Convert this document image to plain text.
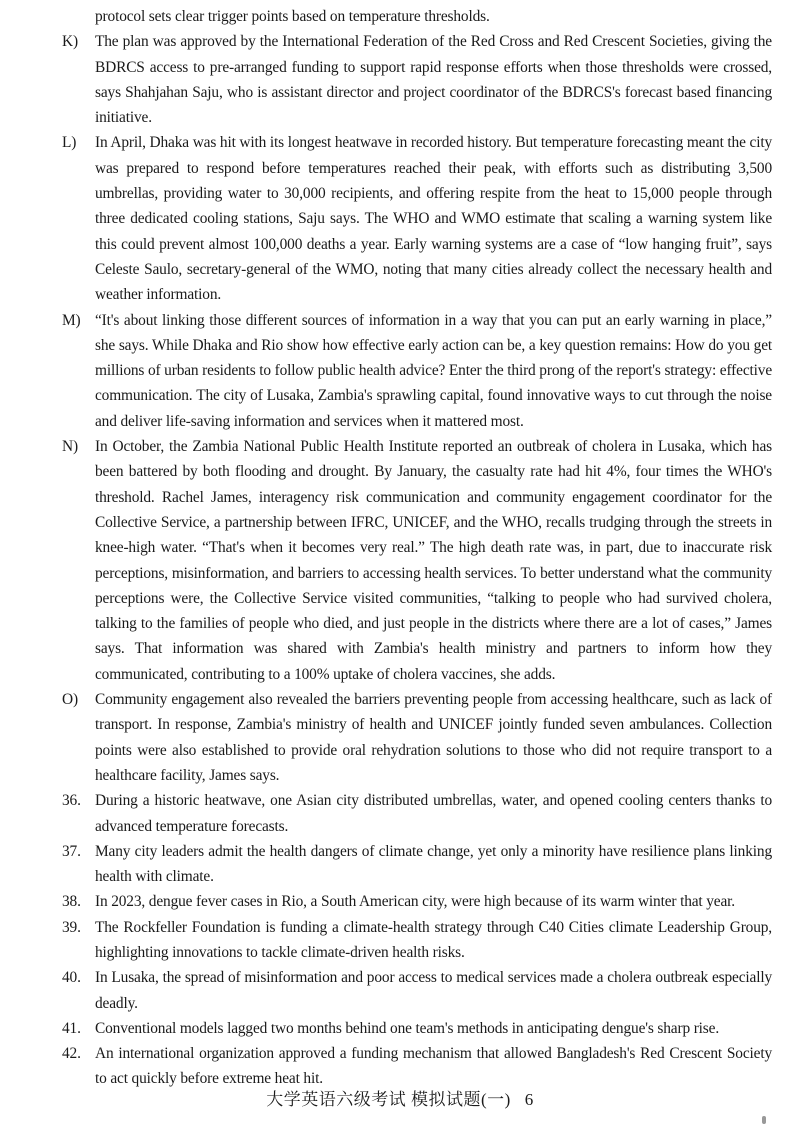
protocol sets clear trigger points based on temperature thresholds.
K) The plan was approved by the International Federation of the Red Cross and Red Crescent Societies, giving the BDRCS access to pre-arranged funding to support rapid response efforts when those thresholds were crossed, says Shahjahan Saju, who is assistant director and project coordinator of the BDRCS's forecast based financing initiative.
L) In April, Dhaka was hit with its longest heatwave in recorded history. But temperature forecasting meant the city was prepared to respond before temperatures reached their peak, with efforts such as distributing 3,500 umbrellas, providing water to 30,000 recipients, and offering respite from the heat to 15,000 people through three dedicated cooling stations, Saju says. The WHO and WMO estimate that scaling a warning system like this could prevent almost 100,000 deaths a year. Early warning systems are a case of “low hanging fruit”, says Celeste Saulo, secretary-general of the WMO, noting that many cities already collect the necessary health and weather information.
M) “It's about linking those different sources of information in a way that you can put an early warning in place,” she says. While Dhaka and Rio show how effective early action can be, a key question remains: How do you get millions of urban residents to follow public health advice? Enter the third prong of the report's strategy: effective communication. The city of Lusaka, Zambia's sprawling capital, found innovative ways to cut through the noise and deliver life-saving information and services when it mattered most.
N) In October, the Zambia National Public Health Institute reported an outbreak of cholera in Lusaka, which has been battered by both flooding and drought. By January, the casualty rate had hit 4%, four times the WHO's threshold. Rachel James, interagency risk communication and community engagement coordinator for the Collective Service, a partnership between IFRC, UNICEF, and the WHO, recalls trudging through the streets in knee-high water. “That's when it becomes very real.” The high death rate was, in part, due to inaccurate risk perceptions, misinformation, and barriers to accessing health services. To better understand what the community perceptions were, the Collective Service visited communities, “talking to people who had survived cholera, talking to the families of people who died, and just people in the districts where there are a lot of cases,” James says. That information was shared with Zambia's health ministry and partners to inform how they communicated, contributing to a 100% uptake of cholera vaccines, she adds.
O) Community engagement also revealed the barriers preventing people from accessing healthcare, such as lack of transport. In response, Zambia's ministry of health and UNICEF jointly funded seven ambulances. Collection points were also established to provide oral rehydration solutions to those who did not require transport to a healthcare facility, James says.
36. During a historic heatwave, one Asian city distributed umbrellas, water, and opened cooling centers thanks to advanced temperature forecasts.
37. Many city leaders admit the health dangers of climate change, yet only a minority have resilience plans linking health with climate.
38. In 2023, dengue fever cases in Rio, a South American city, were high because of its warm winter that year.
39. The Rockfeller Foundation is funding a climate-health strategy through C40 Cities climate Leadership Group, highlighting innovations to tackle climate-driven health risks.
40. In Lusaka, the spread of misinformation and poor access to medical services made a cholera outbreak especially deadly.
41. Conventional models lagged two months behind one team's methods in anticipating dengue's sharp rise.
42. An international organization approved a funding mechanism that allowed Bangladesh's Red Crescent Society to act quickly before extreme heat hit.
大学英语六级考试 模拟试题(一) 6
